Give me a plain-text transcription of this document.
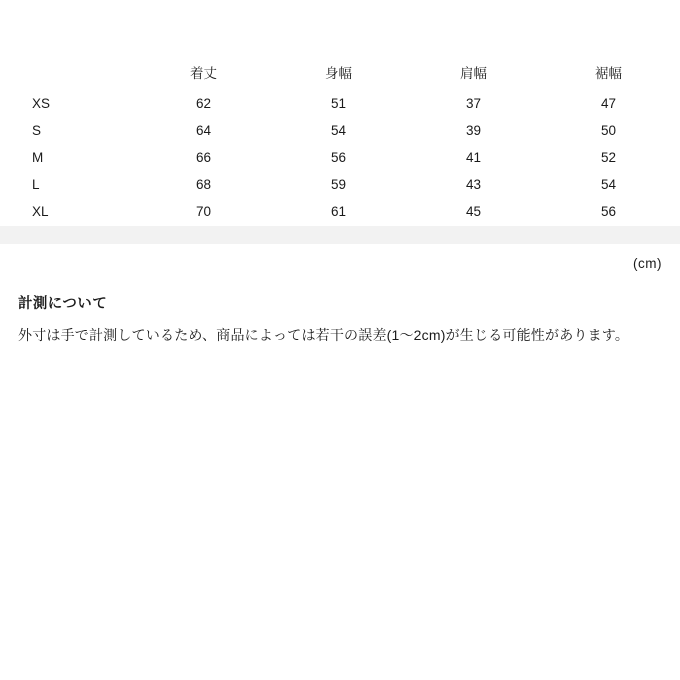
	着丈	身幅	肩幅	裾幅
XS	62	51	37	47
S	64	54	39	50
M	66	56	41	52
L	68	59	43	54
XL	70	61	45	56
(cm)
計測について

外寸は手で計測しているため、商品によっては若干の誤差(1〜2cm)が生じる可能性があります。
